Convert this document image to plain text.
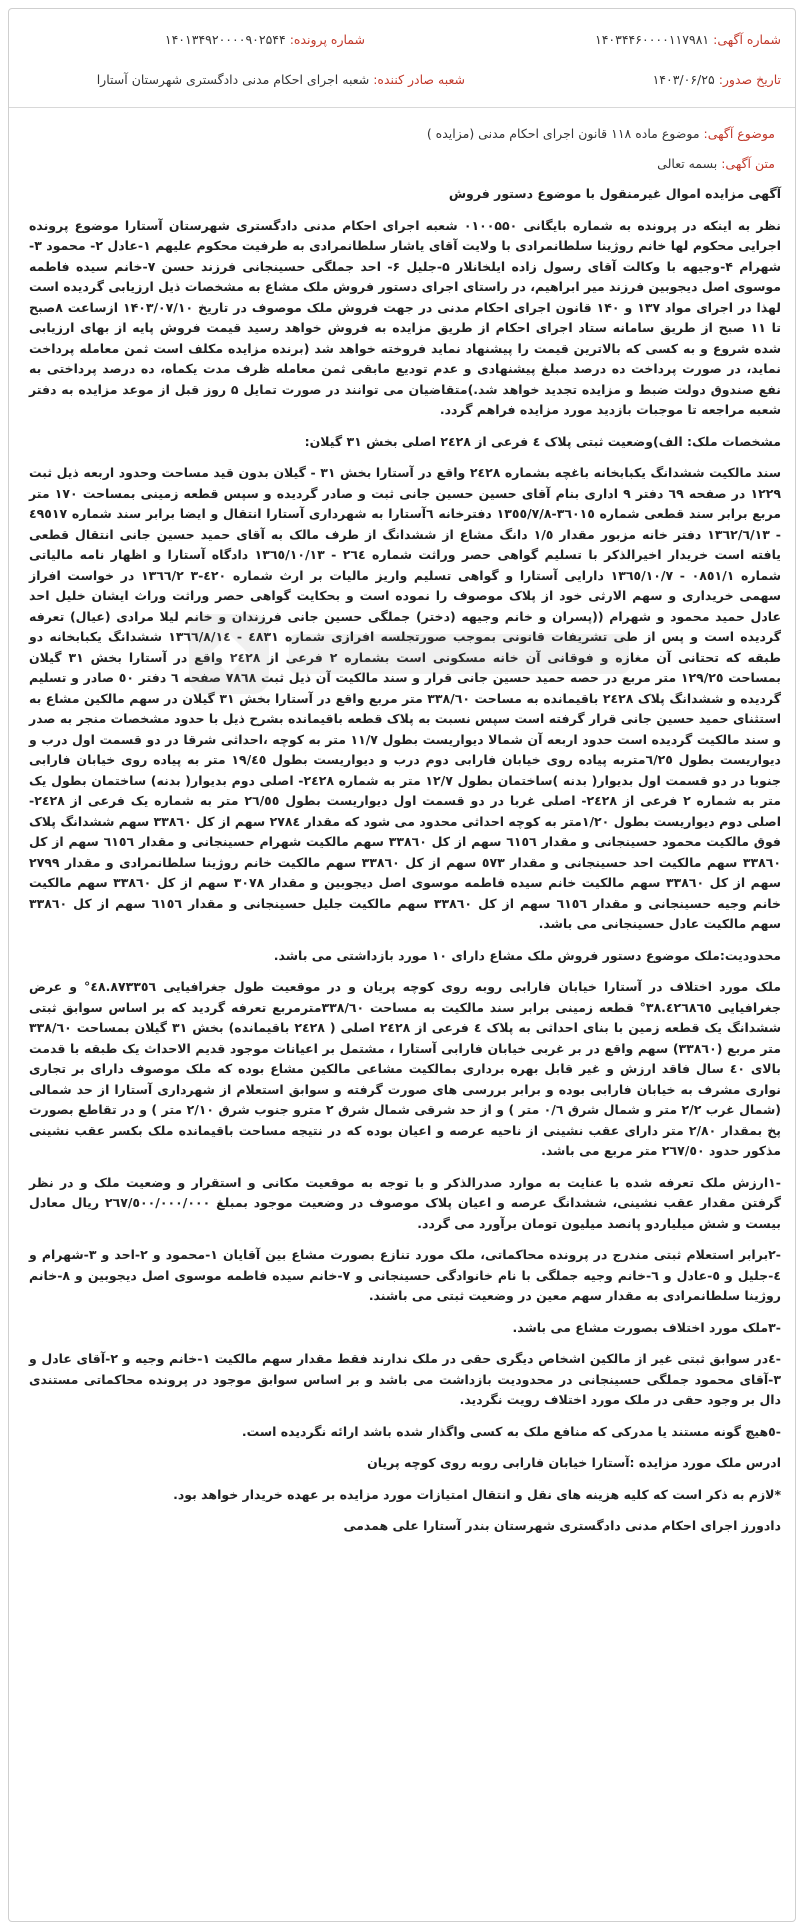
شماره آگهی: ۱۴۰۳۴۴۶۰۰۰۰۱۱۷۹۸۱
شماره پرونده: ۱۴۰۱۳۴۹۲۰۰۰۰۹۰۲۵۴۴
تاریخ صدور: ۱۴۰۳/۰۶/۲۵
شعبه صادر کننده: شعبه اجرای احکام مدنی دادگستری شهرستان آستارا
موضوع آگهی: موضوع ماده ۱۱۸ قانون اجرای احکام مدنی (مزایده )
متن آگهی: بسمه تعالی

آگهی مزایده اموال غیرمنقول با موضوع دستور فروش

نظر به اینکه در پرونده به شماره بایگانی ۰۱۰۰۵۵۰ شعبه اجرای احکام مدنی دادگستری شهرستان آستارا موضوع پرونده اجرایی محکوم لها خانم روژینا سلطانمرادی با ولایت آقای یاشار سلطانمرادی به طرفیت محکوم علیهم ۱-عادل ۲- محمود ۳- شهرام ۴-وجیهه با وکالت آقای رسول زاده ایلخانلار ۵-جلیل ۶- احد جملگی حسینجانی فرزند حسن ۷-خانم سیده فاطمه موسوی اصل دیجوبین فرزند میر ابراهیم، در راستای اجرای دستور فروش ملک مشاع به مشخصات ذیل ارزیابی گردیده است لهذا در اجرای مواد ۱۳۷ و ۱۴۰ قانون اجرای احکام مدنی در جهت فروش ملک موصوف در تاریخ ۱۴۰۳/۰۷/۱۰ ازساعت ۸صبح تا ۱۱ صبح از طریق سامانه ستاد اجرای احکام از طریق مزایده به فروش خواهد رسید قیمت فروش پایه از بهای ارزیابی شده شروع و به کسی که بالاترین قیمت را پیشنهاد نماید فروخته خواهد شد (برنده مزایده مکلف است ثمن معامله پرداخت نماید، در صورت پرداخت ده درصد مبلغ پیشنهادی و عدم تودیع مابقی ثمن معامله ظرف مدت یکماه، ده درصد پرداختی به نفع صندوق دولت ضبط و مزایده تجدید خواهد شد.)متقاضیان می توانند در صورت تمایل ۵ روز قبل از موعد مزایده به دفتر شعبه مراجعه تا موجبات بازدید مورد مزایده فراهم گردد.

مشخصات ملک: الف)وضعیت ثبتی پلاک ٤ فرعی از ۲٤۲۸ اصلی بخش ۳۱ گیلان:

سند مالکیت ششدانگ یکبابخانه باغچه بشماره ۲٤۲۸ واقع در آستارا بخش ۳۱ - گیلان بدون قید مساحت وحدود اربعه ذیل ثبت ۱۲۲۹ در صفحه ٦۹ دفتر ۹ اداری بنام آقای حسین حسین جانی ثبت و صادر گردیده و سپس قطعه زمینی بمساحت ۱۷۰ متر مربع برابر سند قطعی شماره ۳٦۰۱٥-۱۳٥٥/۷/۸ دفترخانه ٦آستارا به شهرداری آستارا انتقال و ایضا برابر سند شماره ٤۹٥۱۷ - ۱۳٦۲/٦/۱۳ دفتر خانه مزبور مقدار ۱/٥ دانگ مشاع از ششدانگ از طرف مالک به آقای حمید حسین جانی انتقال قطعی یافته است خریدار اخیرالذکر با تسلیم گواهی حصر وراثت شماره ۲٦٤ - ۱۳٦٥/۱۰/۱۳ دادگاه آستارا و اظهار نامه مالیاتی شماره ۰۸٥۱/۱ - ۱۳٦٥/۱۰/۷ دارایی آستارا و گواهی تسلیم واریز مالیات بر ارث شماره ٤۲۰-۳ ۱۳٦٦/۲ در خواست افراز سهمی خریداری و سهم الارثی خود از پلاک موصوف را نموده است و بحکایت گواهی حصر وراثت وراث ایشان خلیل احد عادل حمید محمود و شهرام ((پسران و خانم وجیهه (دختر) جملگی حسین جانی فرزندان و خانم لیلا مرادی (عیال) تعرفه گردیده است و پس از طی تشریفات قانونی بموجب صورتجلسه افرازی شماره ٤۸۳۱ - ۱۳٦٦/۸/۱٤ ششدانگ یکبابخانه دو طبقه که تحتانی آن مغازه و فوقانی آن خانه مسکونی است بشماره ۲ فرعی از ۲٤۲۸ واقع در آستارا بخش ۳۱ گیلان بمساحت ۱۲۹/۲٥ متر مربع در حصه حمید حسین جانی قرار و سند مالکیت آن ذیل ثبت ۷۸٦۸ صفحه ٦ دفتر ٥۰ صادر و تسلیم گردیده و ششدانگ پلاک ۲٤۲۸ باقیمانده به مساحت ۳۳۸/٦۰ متر مربع واقع در آستارا بخش ۳۱ گیلان در سهم مالکین مشاع به استثنای حمید حسین جانی قرار گرفته است سپس نسبت به پلاک قطعه باقیمانده بشرح ذیل با حدود مشخصات منجر به صدر و سند مالکیت گردیده است حدود اربعه آن شمالا دیواریست بطول ۱۱/۷ متر به کوچه ،احداثی شرقا در دو قسمت اول درب و دیواریست بطول ٦/۲٥متربه پیاده روی خیابان فارابی دوم درب و دیواریست بطول ۱۹/٤٥ متر به پیاده روی خیابان فارابی جنوبا در دو قسمت اول بدیوار( بدنه )ساختمان بطول ۱۲/۷ متر به شماره ۲٤۲۸- اصلی دوم بدیوار( بدنه) ساختمان بطول یک متر به شماره ۲ فرعی از ۲٤۲۸- اصلی غربا در دو قسمت اول دیواریست بطول ۲٦/٥٥ متر به شماره یک فرعی از ۲٤۲۸- اصلی دوم دیواریست بطول ۱/۲۰متر به کوچه احداثی محدود می شود که مقدار ۲۷۸٤ سهم از کل ۳۳۸٦۰ سهم ششدانگ پلاک فوق مالکیت محمود حسینجانی و مقدار ٦۱٥٦ سهم از کل ۳۳۸٦۰ سهم مالکیت شهرام حسینجانی و مقدار ٦۱٥٦ سهم از کل ۳۳۸٦۰ سهم مالکیت احد حسینجانی و مقدار ٥۷۳ سهم از کل ۳۳۸٦۰ سهم مالکیت خانم روژینا سلطانمرادی و مقدار ۲۷۹۹ سهم از کل ۳۳۸٦۰ سهم مالکیت خانم سیده فاطمه موسوی اصل دیجوبین و مقدار ۳۰۷۸ سهم از کل ۳۳۸٦۰ سهم مالکیت خانم وجیه حسینجانی و مقدار ٦۱٥٦ سهم از کل ۳۳۸٦۰ سهم مالکیت جلیل حسینجانی و مقدار ٦۱٥٦ سهم از کل ۳۳۸٦۰ سهم مالکیت عادل حسینجانی می باشد.

محدودیت:ملک موضوع دستور فروش ملک مشاع دارای ۱۰ مورد بازداشتی می باشد.

ملک مورد اختلاف در آستارا خیابان فارابی روبه روی کوچه پریان و در موقعیت طول جغرافیایی ٤۸.۸۷۳۳٥٦° و عرض جغرافیایی ۳۸.٤۲٦۸٦٥° قطعه زمینی برابر سند مالکیت به مساحت ۳۳۸/٦۰مترمربع تعرفه گردید که بر اساس سوابق ثبتی ششدانگ یک قطعه زمین با بنای احداثی به پلاک ٤ فرعی از ۲٤۲۸ اصلی ( ۲٤۲۸ باقیمانده) بخش ۳۱ گیلان بمساحت ۳۳۸/٦۰ متر مربع (۳۳۸٦۰) سهم واقع در بر غربی خیابان فارابی آستارا ، مشتمل بر اعیانات موجود قدیم الاحداث یک طبقه با قدمت بالای ٤۰ سال فاقد ارزش و غیر قابل بهره برداری بمالکیت مشاعی مالکین مشاع بوده که ملک موصوف دارای بر تجاری نواری مشرف به خیابان فارابی بوده و برابر بررسی های صورت گرفته و سوابق استعلام از شهرداری آستارا از حد شمالی (شمال غرب ۲/۲ متر و شمال شرق ۰/٦ متر ) و از حد شرقی شمال شرق ۲ مترو جنوب شرق ۲/۱۰ متر ) و در تقاطع بصورت پخ بمقدار ۲/۸۰ متر دارای عقب نشینی از ناحیه عرصه و اعیان بوده که در نتیجه مساحت باقیمانده ملک بکسر عقب نشینی مذکور حدود ۲٦۷/٥۰ متر مربع می باشد.

-۱ارزش ملک تعرفه شده با عنایت به موارد صدرالذکر و با توجه به موقعیت مکانی و استقرار و وضعیت ملک و در نظر گرفتن مقدار عقب نشینی، ششدانگ عرصه و اعیان پلاک موصوف در وضعیت موجود بمبلغ ۲٦۷/٥۰۰/۰۰۰/۰۰۰ ریال معادل بیست و شش میلیاردو پانصد میلیون تومان برآورد می گردد.

-۲برابر استعلام ثبتی مندرج در پرونده محاکماتی، ملک مورد تنازع بصورت مشاع بین آقایان ۱-محمود و ۲-احد و ۳-شهرام و ٤-جلیل و ٥-عادل و ٦-خانم وجیه جملگی با نام خانوادگی حسینجانی و ۷-خانم سیده فاطمه موسوی اصل دیجوبین و ۸-خانم روژینا سلطانمرادی به مقدار سهم معین در وضعیت ثبتی می باشند.

-۳ملک مورد اختلاف بصورت مشاع می باشد.

-٤در سوابق ثبتی غیر از مالکین اشخاص دیگری حقی در ملک ندارند فقط مقدار سهم مالکیت ۱-خانم وجیه و ۲-آقای عادل و ۳-آقای محمود جملگی حسینجانی در محدودیت بازداشت می باشد و بر اساس سوابق موجود در پرونده محاکماتی مستندی دال بر وجود حقی در ملک مورد اختلاف رویت نگردید.

-٥هیچ گونه مستند یا مدرکی که منافع ملک به کسی واگذار شده باشد ارائه نگردیده است.

ادرس ملک مورد مزایده :آستارا خیابان فارابی روبه روی کوچه پریان

*لازم به ذکر است که کلیه هزینه های نقل و انتقال امتیازات مورد مزایده بر عهده خریدار خواهد بود.

دادورز اجرای احکام مدنی دادگستری شهرستان بندر آستارا علی همدمی
